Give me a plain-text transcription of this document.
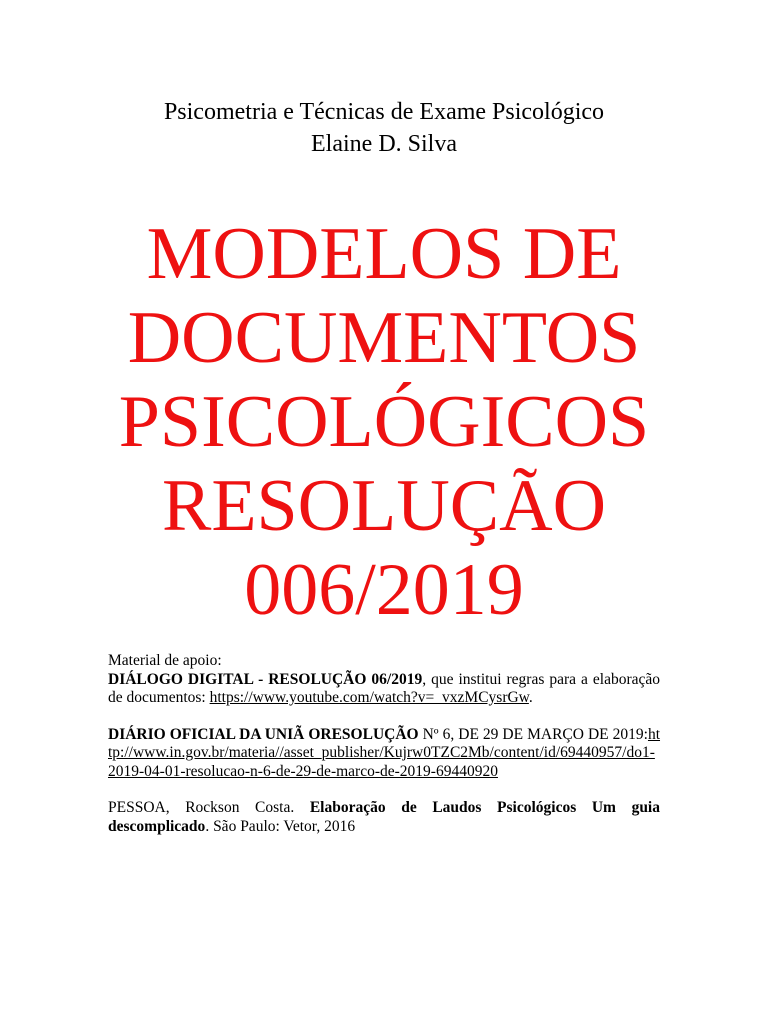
Psicometria e Técnicas de Exame Psicológico
Elaine D. Silva
MODELOS DE
DOCUMENTOS
PSICOLÓGICOS
RESOLUÇÃO
006/2019

Material de apoio:

DIÁLOGO DIGITAL - RESOLUÇÃO 06/2019, que institui regras para a elaboração de documentos: https://www.youtube.com/watch?v=_vxzMCysrGw.

DIÁRIO OFICIAL DA UNIÃ ORESOLUÇÃO Nº 6, DE 29 DE MARÇO DE 2019:http://www.in.gov.br/materia//asset_publisher/Kujrw0TZC2Mb/content/id/69440957/do1-2019-04-01-resolucao-n-6-de-29-de-marco-de-2019-69440920

PESSOA, Rockson Costa. Elaboração de Laudos Psicológicos Um guia descomplicado. São Paulo: Vetor, 2016
